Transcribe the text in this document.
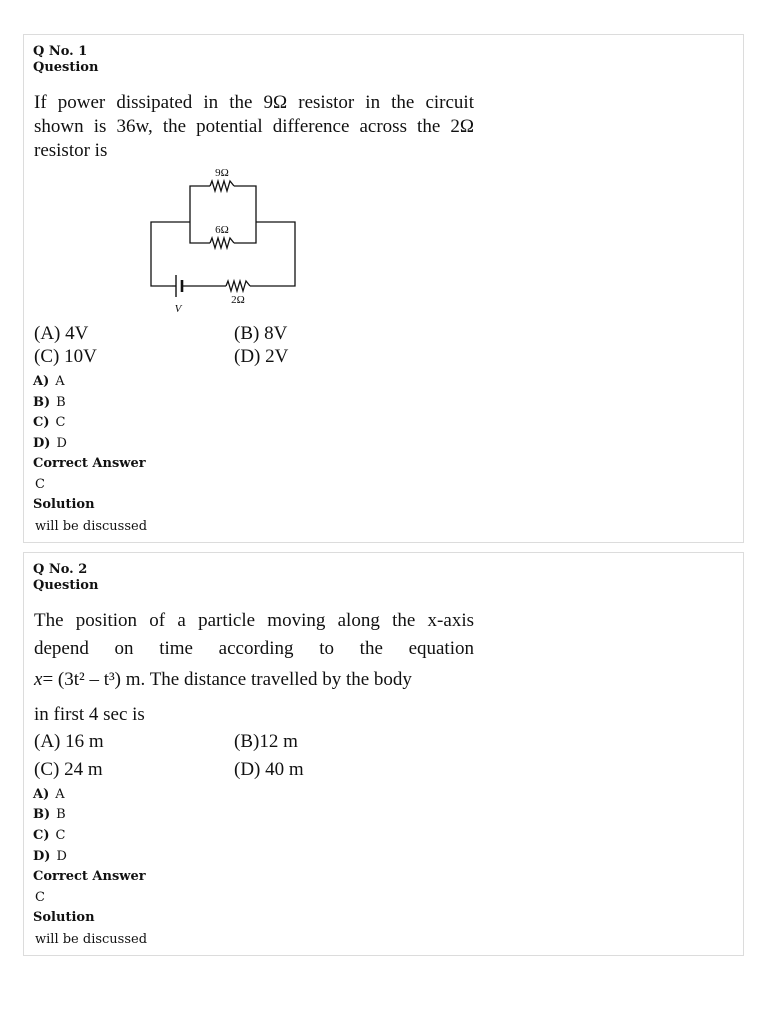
Q No. 1
Question
If power dissipated in the 9Ω resistor in the circuit
shown is 36w, the potential difference across the 2Ω
resistor is
9Ω
6Ω
2Ω
V
(A) 4V	(B) 8V
(C) 10V	(D) 2V
A) A
B) B
C) C
D) D
Correct Answer
C
Solution
will be discussed
Q No. 2
Question
The position of a particle moving along the x-axis
depend on time according to the equation
x= (3t² – t³) m. The distance travelled by the body
in first 4 sec is
(A) 16 m	(B)12 m
(C) 24 m	(D) 40 m
A) A
B) B
C) C
D) D
Correct Answer
C
Solution
will be discussed
